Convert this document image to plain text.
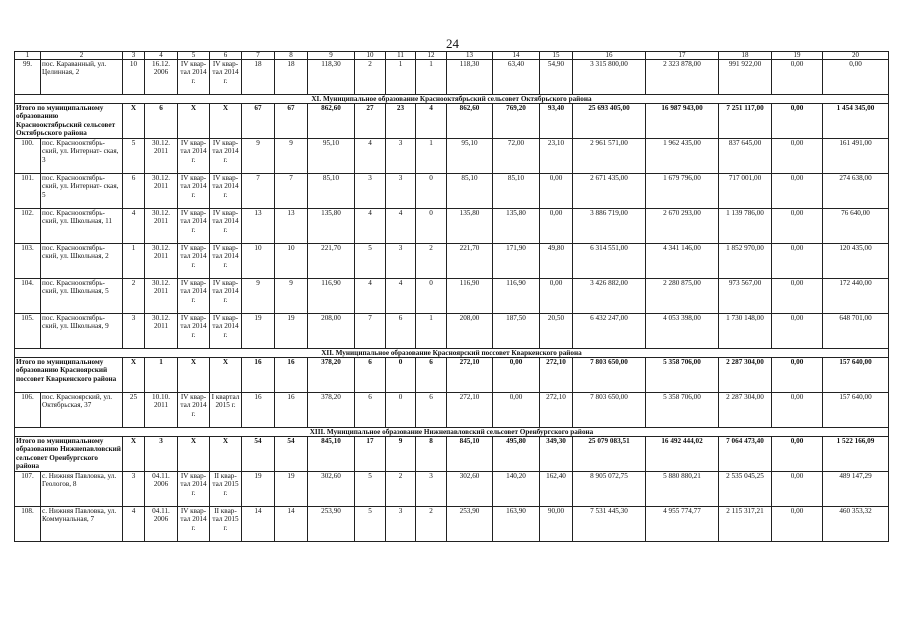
24
1	2	3	4	5	6	7	8	9	10	11	12	13	14	15	16	17	18	19	20
99.	пос. Караванный, ул. Целинная, 2	10	16.12. 2006	IV квар- тал 2014 г.	IV квар- тал 2014 г.	18	18	118,30	2	1	1	118,30	63,40	54,90	3 315 800,00	2 323 878,00	991 922,00	0,00	0,00
XI. Муниципальное образование Краснооктябрьский сельсовет Октябрьского района																			
Итого по муниципальному образованию Краснооктябрьский сельсовет Октябрьского района		X	6	X	X	67	67	862,60	27	23	4	862,60	769,20	93,40	25 693 405,00	16 987 943,00	7 251 117,00	0,00	1 454 345,00
100.	пос. Краснооктябрь- ский, ул. Интернат- ская, 3	5	30.12. 2011	IV квар- тал 2014 г.	IV квар- тал 2014 г.	9	9	95,10	4	3	1	95,10	72,00	23,10	2 961 571,00	1 962 435,00	837 645,00	0,00	161 491,00
101.	пос. Краснооктябрь- ский, ул. Интернат- ская, 5	6	30.12. 2011	IV квар- тал 2014 г.	IV квар- тал 2014 г.	7	7	85,10	3	3	0	85,10	85,10	0,00	2 671 435,00	1 679 796,00	717 001,00	0,00	274 638,00
102.	пос. Краснооктябрь- ский, ул. Школьная, 11	4	30.12. 2011	IV квар- тал 2014 г.	IV квар- тал 2014 г.	13	13	135,80	4	4	0	135,80	135,80	0,00	3 886 719,00	2 670 293,00	1 139 786,00	0,00	76 640,00
103.	пос. Краснооктябрь- ский, ул. Школьная, 2	1	30.12. 2011	IV квар- тал 2014 г.	IV квар- тал 2014 г.	10	10	221,70	5	3	2	221,70	171,90	49,80	6 314 551,00	4 341 146,00	1 852 970,00	0,00	120 435,00
104.	пос. Краснооктябрь- ский, ул. Школьная, 5	2	30.12. 2011	IV квар- тал 2014 г.	IV квар- тал 2014 г.	9	9	116,90	4	4	0	116,90	116,90	0,00	3 426 882,00	2 280 875,00	973 567,00	0,00	172 440,00
105.	пос. Краснооктябрь- ский, ул. Школьная, 9	3	30.12. 2011	IV квар- тал 2014 г.	IV квар- тал 2014 г.	19	19	208,00	7	6	1	208,00	187,50	20,50	6 432 247,00	4 053 398,00	1 730 148,00	0,00	648 701,00
XII. Муниципальное образование Красноярский поссовет Кваркенского района																			
Итого по муниципальному образованию Красноярский поссовет Кваркенского района		X	1	X	X	16	16	378,20	6	0	6	272,10	0,00	272,10	7 803 650,00	5 358 706,00	2 287 304,00	0,00	157 640,00
106.	пос. Красноярский, ул. Октябрьская, 37	25	10.10. 2011	IV квар- тал 2014 г.	I квартал 2015 г.	16	16	378,20	6	0	6	272,10	0,00	272,10	7 803 650,00	5 358 706,00	2 287 304,00	0,00	157 640,00
XIII. Муниципальное образование Нижнепавловский сельсовет Оренбургского района																			
Итого по муниципальному образованию Нижнепавловский сельсовет Оренбургского района		X	3	X	X	54	54	845,10	17	9	8	845,10	495,80	349,30	25 079 083,51	16 492 444,02	7 064 473,40	0,00	1 522 166,09
107.	с. Нижняя Павловка, ул. Геологов, 8	3	04.11. 2006	IV квар- тал 2014 г.	II квар- тал 2015 г.	19	19	302,60	5	2	3	302,60	140,20	162,40	8 905 072,75	5 880 880,21	2 535 045,25	0,00	489 147,29
108.	с. Нижняя Павловка, ул. Коммунальная, 7	4	04.11. 2006	IV квар- тал 2014 г.	II квар- тал 2015 г.	14	14	253,90	5	3	2	253,90	163,90	90,00	7 531 445,30	4 955 774,77	2 115 317,21	0,00	460 353,32
